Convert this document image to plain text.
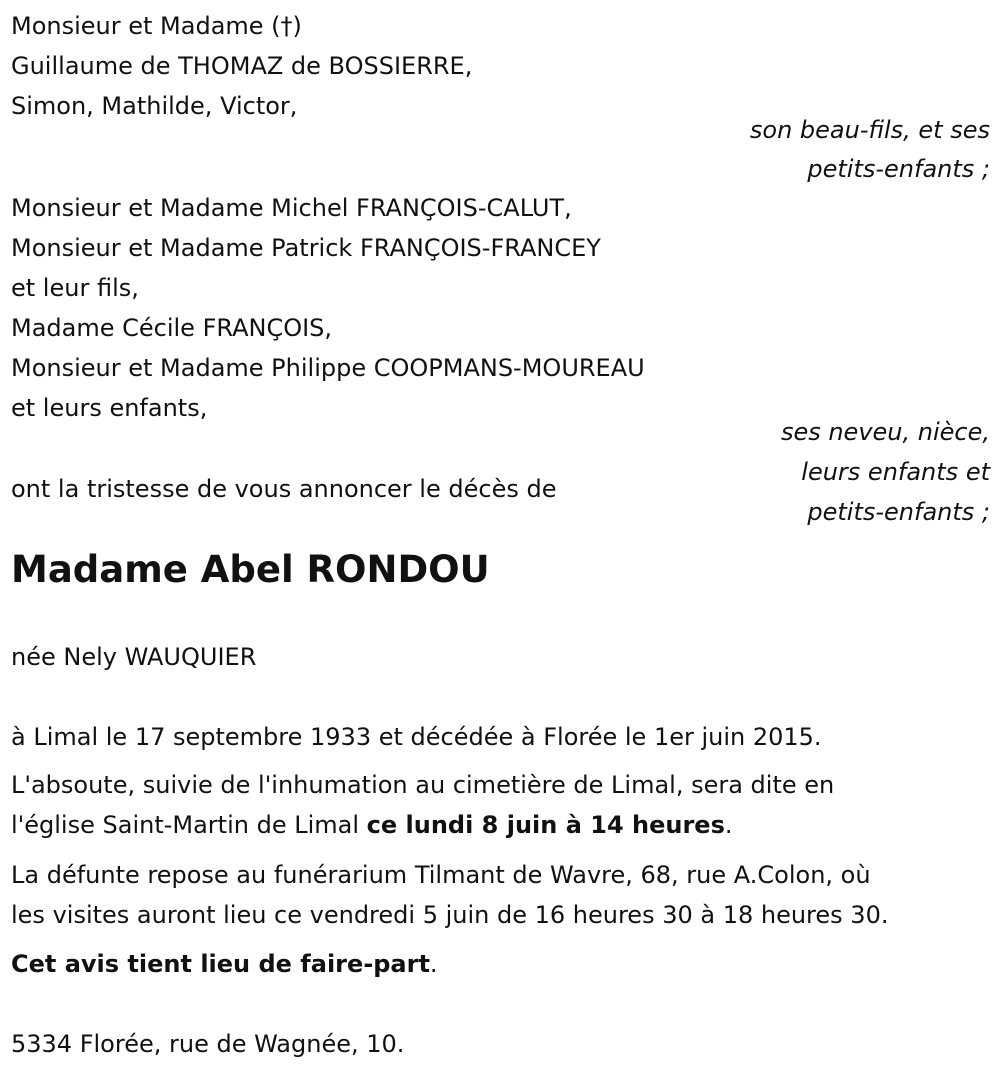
Monsieur et Madame (†)
Guillaume de THOMAZ de BOSSIERRE,
Simon, Mathilde, Victor,
son beau-fils, et ses
petits-enfants ;
Monsieur et Madame Michel FRANÇOIS-CALUT,
Monsieur et Madame Patrick FRANÇOIS-FRANCEY
et leur fils,
Madame Cécile FRANÇOIS,
Monsieur et Madame Philippe COOPMANS-MOUREAU
et leurs enfants,
ses neveu, nièce,
leurs enfants et
petits-enfants ;
ont la tristesse de vous annoncer le décès de
Madame Abel RONDOU
née Nely WAUQUIER
à Limal le 17 septembre 1933 et décédée à Florée le 1er juin 2015.
L'absoute, suivie de l'inhumation au cimetière de Limal, sera dite en
l'église Saint-Martin de Limal ce lundi 8 juin à 14 heures.
La défunte repose au funérarium Tilmant de Wavre, 68, rue A.Colon, où
les visites auront lieu ce vendredi 5 juin de 16 heures 30 à 18 heures 30.
Cet avis tient lieu de faire-part.
5334 Florée, rue de Wagnée, 10.
